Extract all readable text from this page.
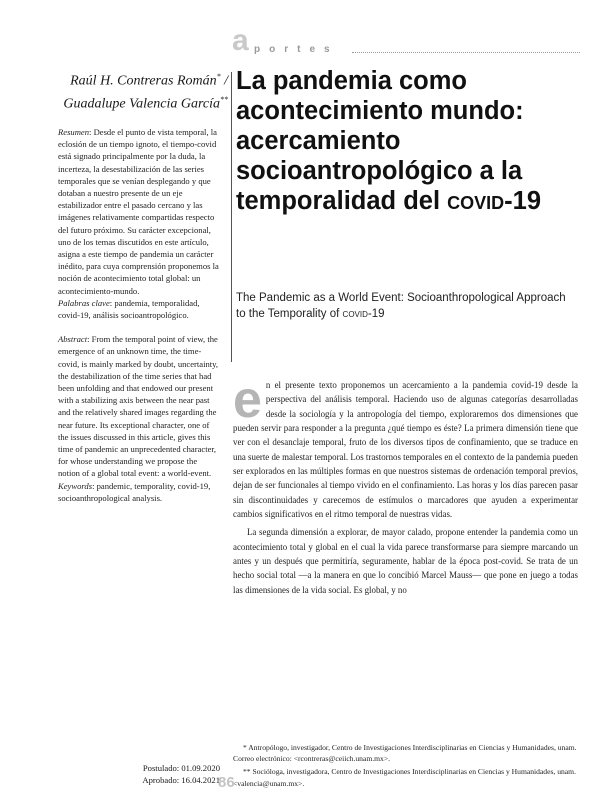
a portes
Raúl H. Contreras Román* /
Guadalupe Valencia García**
La pandemia como acontecimiento mundo: acercamiento socioantropológico a la temporalidad del covid-19
The Pandemic as a World Event: Socioanthropological Approach to the Temporality of covid-19

Resumen: Desde el punto de vista temporal, la eclosión de un tiempo ignoto, el tiempo-covid está signado principalmente por la duda, la incerteza, la desestabilización de las series temporales que se venían desplegando y que dotaban a nuestro presente de un eje estabilizador entre el pasado cercano y las imágenes relativamente compartidas respecto del futuro próximo. Su carácter excepcional, uno de los temas discutidos en este artículo, asigna a este tiempo de pandemia un carácter inédito, para cuya comprensión proponemos la noción de acontecimiento total global: un acontecimiento-mundo.

Palabras clave: pandemia, temporalidad, covid-19, análisis socioantropológico.

Abstract: From the temporal point of view, the emergence of an unknown time, the time-covid, is mainly marked by doubt, uncertainty, the destabilization of the time series that had been unfolding and that endowed our present with a stabilizing axis between the near past and the relatively shared images regarding the near future. Its exceptional character, one of the issues discussed in this article, gives this time of pandemic an unprecedented character, for whose understanding we propose the notion of a global total event: a world-event.

Keywords: pandemic, temporality, covid-19, socioanthropological analysis.

Postulado: 01.09.2020
Aprobado: 16.04.2021

en el presente texto proponemos un acercamiento a la pandemia covid-19 desde la perspectiva del análisis temporal. Haciendo uso de algunas categorías desarrolladas desde la sociología y la antropología del tiempo, exploraremos dos dimensiones que pueden servir para responder a la pregunta ¿qué tiempo es éste? La primera dimensión tiene que ver con el desanclaje temporal, fruto de los diversos tipos de confinamiento, que se traduce en una suerte de malestar temporal. Los trastornos temporales en el contexto de la pandemia pueden ser explorados en las múltiples formas en que nuestros sistemas de ordenación temporal previos, dejan de ser funcionales al tiempo vivido en el confinamiento. Las horas y los días parecen pasar sin discontinuidades y carecemos de estímulos o marcadores que ayuden a experimentar cambios significativos en el ritmo temporal de nuestras vidas.

La segunda dimensión a explorar, de mayor calado, propone entender la pandemia como un acontecimiento total y global en el cual la vida parece transformarse para siempre marcando un antes y un después que permitiría, seguramente, hablar de la época post-covid. Se trata de un hecho social total —a la manera en que lo concibió Marcel Mauss— que pone en juego a todas las dimensiones de la vida social. Es global, y no

* Antropólogo, investigador, Centro de Investigaciones Interdisciplinarias en Ciencias y Humanidades, unam. Correo electrónico: <rcontreras@ceiich.unam.mx>.

** Socióloga, investigadora, Centro de Investigaciones Interdisciplinarias en Ciencias y Humanidades, unam. <valencia@unam.mx>.

86
